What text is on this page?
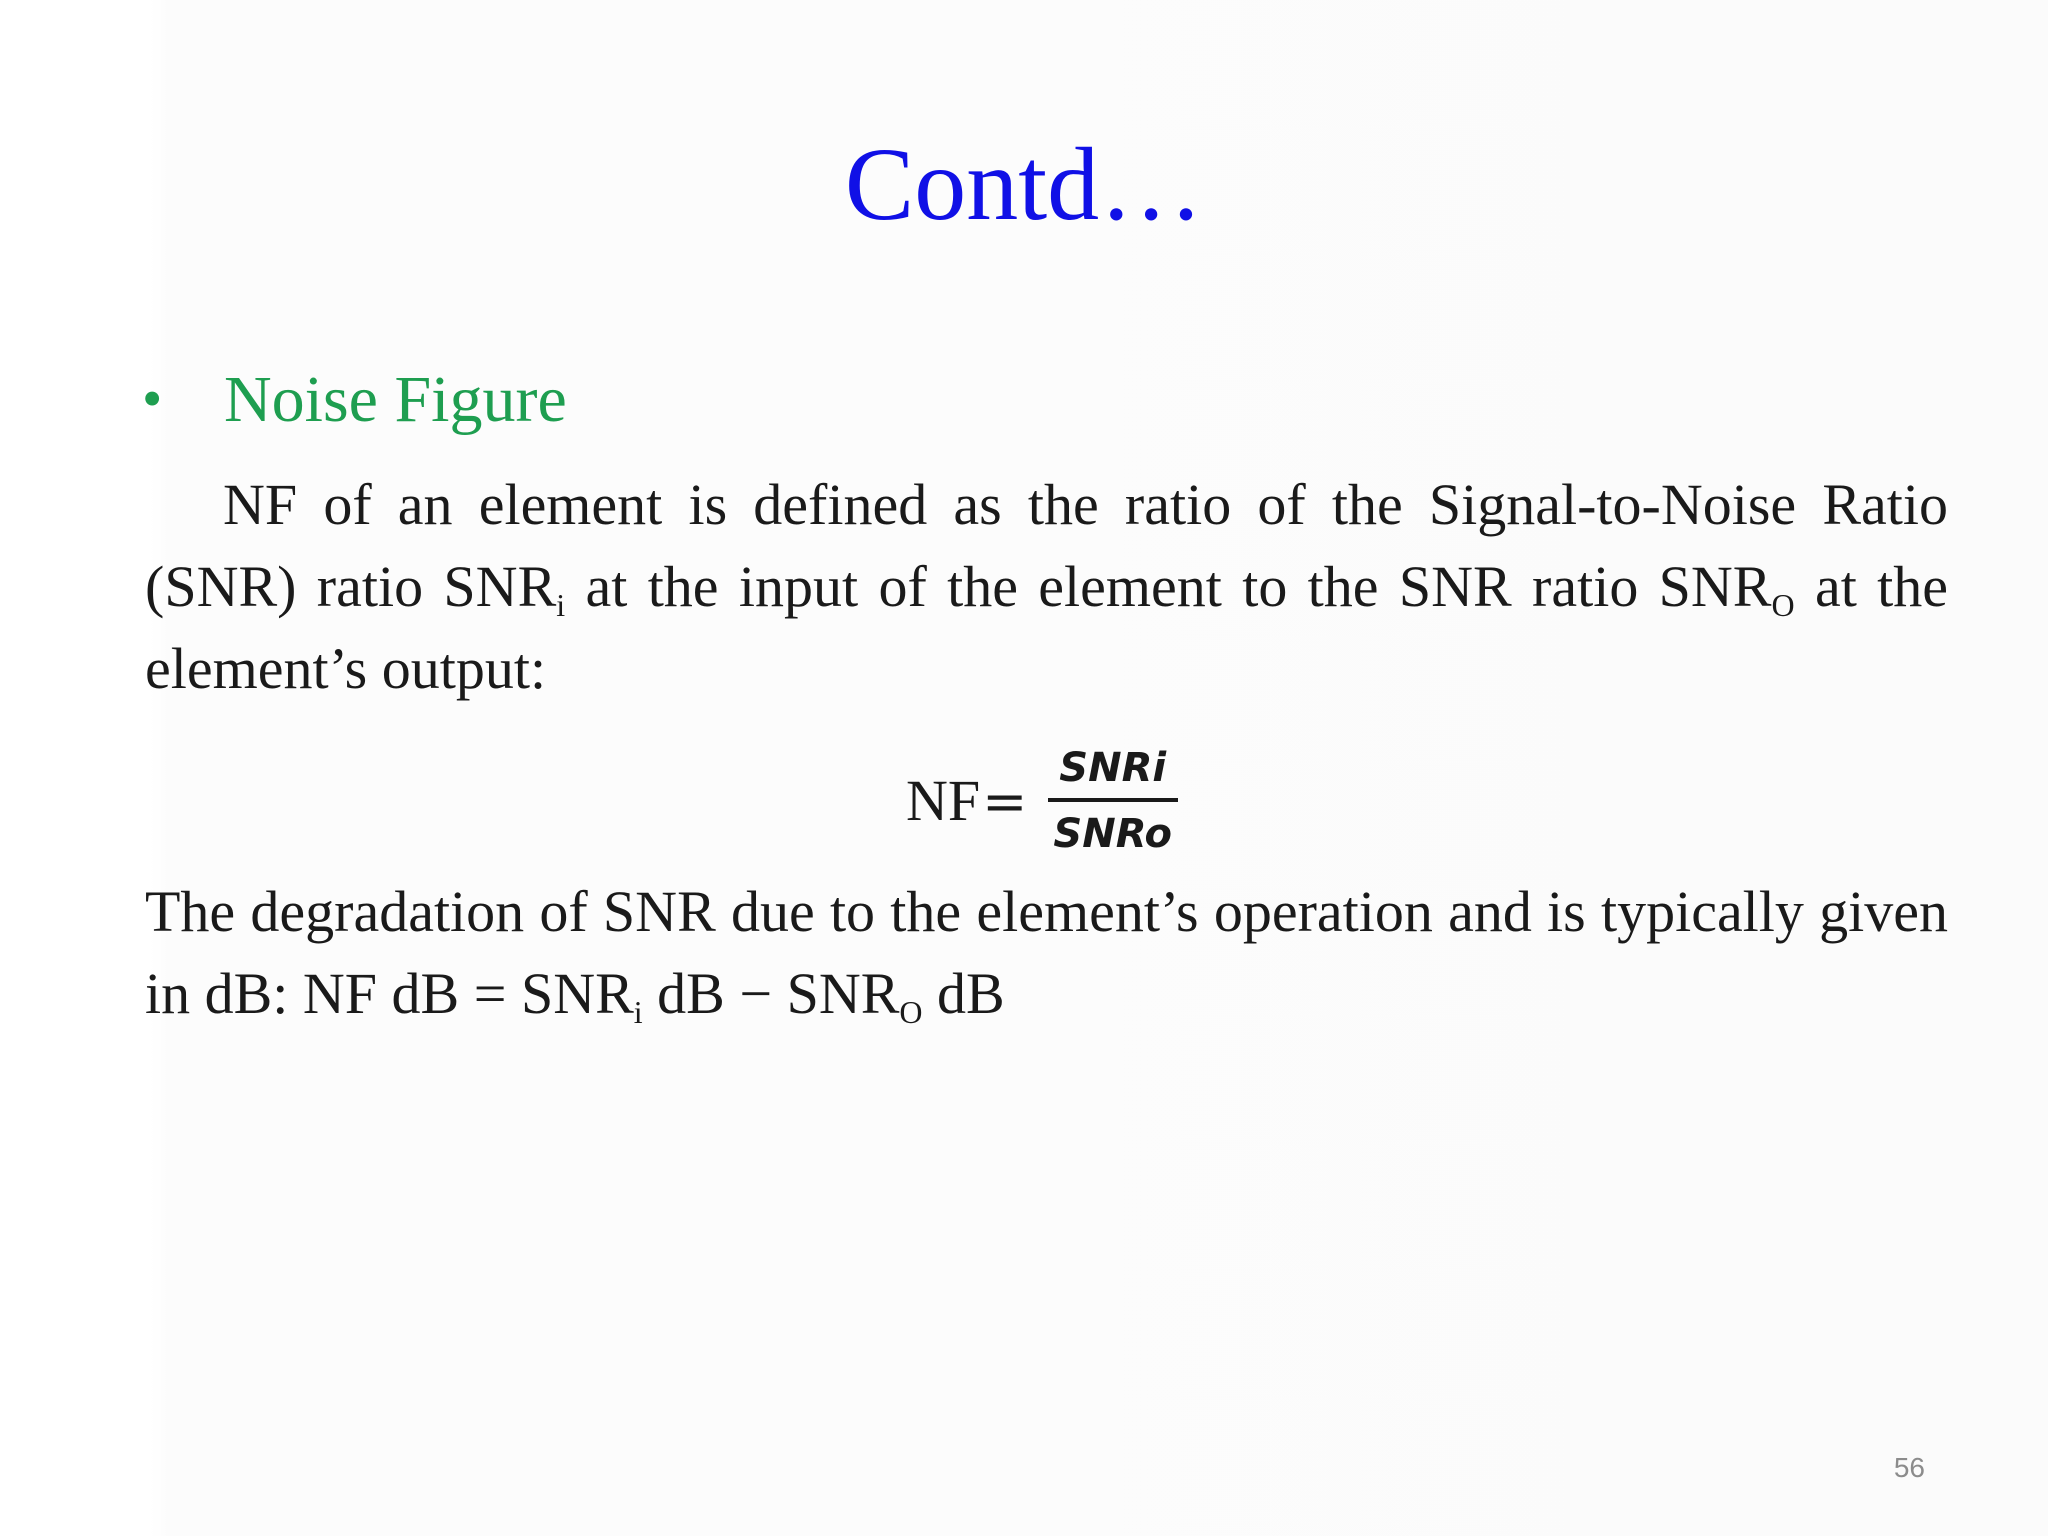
Contd…
• Noise Figure

NF of an element is defined as the ratio of the Signal-to-Noise Ratio (SNR) ratio $SNR_i$ at the input of the element to the SNR ratio $SNR_O$ at the element’s output:

NF = $\frac{\text{SNRi}}{\text{SNRo}}$

The degradation of SNR due to the element’s operation and is typically given in dB: NF dB = $SNR_i$ dB − $SNR_O$ dB

56
